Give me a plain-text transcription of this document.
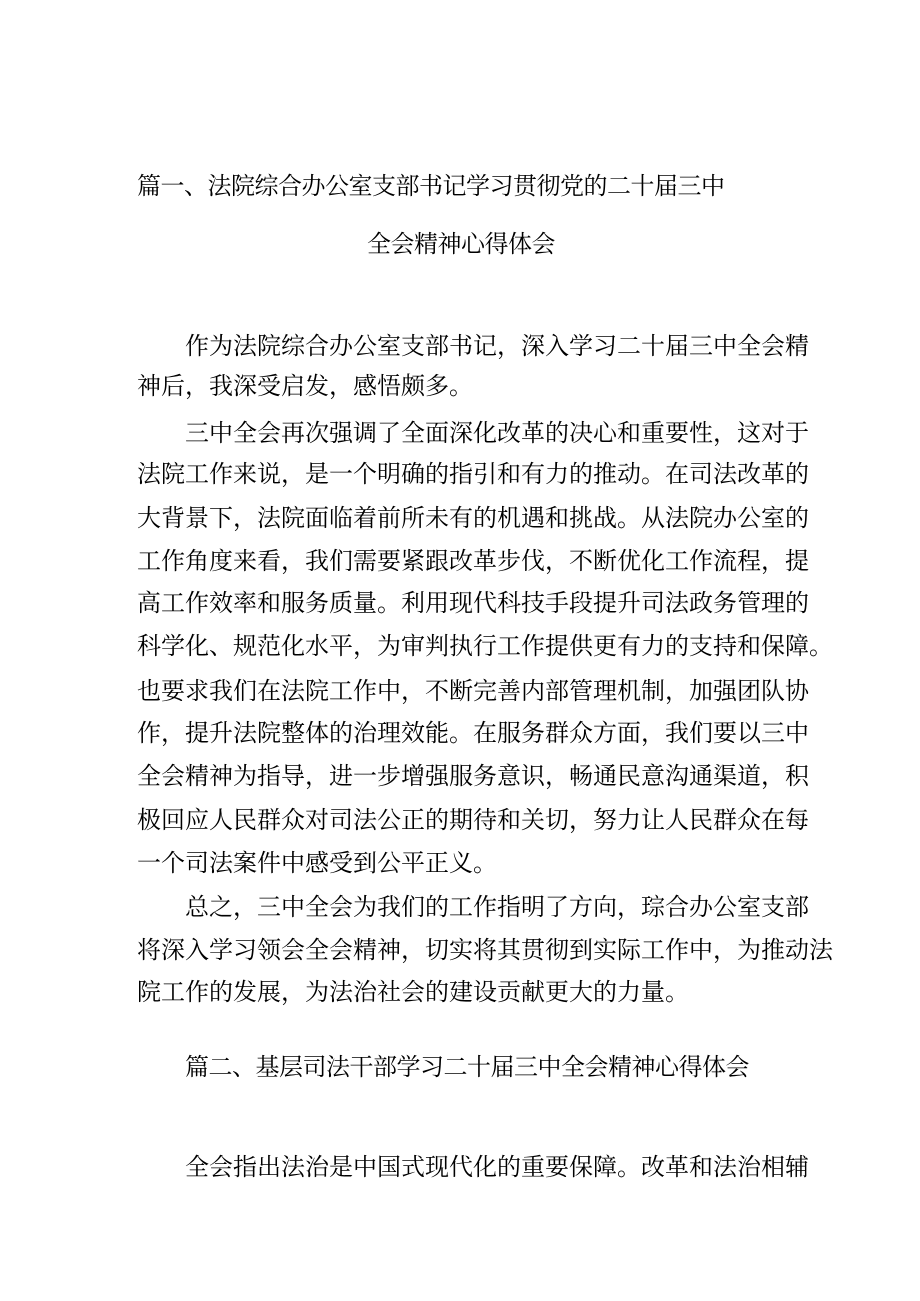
篇一、法院综合办公室支部书记学习贯彻党的二十届三中
全会精神心得体会
作为法院综合办公室支部书记，深入学习二十届三中全会精
神后，我深受启发，感悟颇多。
三中全会再次强调了全面深化改革的决心和重要性，这对于
法院工作来说，是一个明确的指引和有力的推动。在司法改革的
大背景下，法院面临着前所未有的机遇和挑战。从法院办公室的
工作角度来看，我们需要紧跟改革步伐，不断优化工作流程，提
高工作效率和服务质量。利用现代科技手段提升司法政务管理的
科学化、规范化水平，为审判执行工作提供更有力的支持和保障。
也要求我们在法院工作中，不断完善内部管理机制，加强团队协
作，提升法院整体的治理效能。在服务群众方面，我们要以三中
全会精神为指导，进一步增强服务意识，畅通民意沟通渠道，积
极回应人民群众对司法公正的期待和关切，努力让人民群众在每
一个司法案件中感受到公平正义。
总之，三中全会为我们的工作指明了方向，琮合办公室支部
将深入学习领会全会精神，切实将其贯彻到实际工作中，为推动法
院工作的发展，为法治社会的建设贡献更大的力量。
篇二、基层司法干部学习二十届三中全会精神心得体会
全会指出法治是中国式现代化的重要保障。改革和法治相辅
